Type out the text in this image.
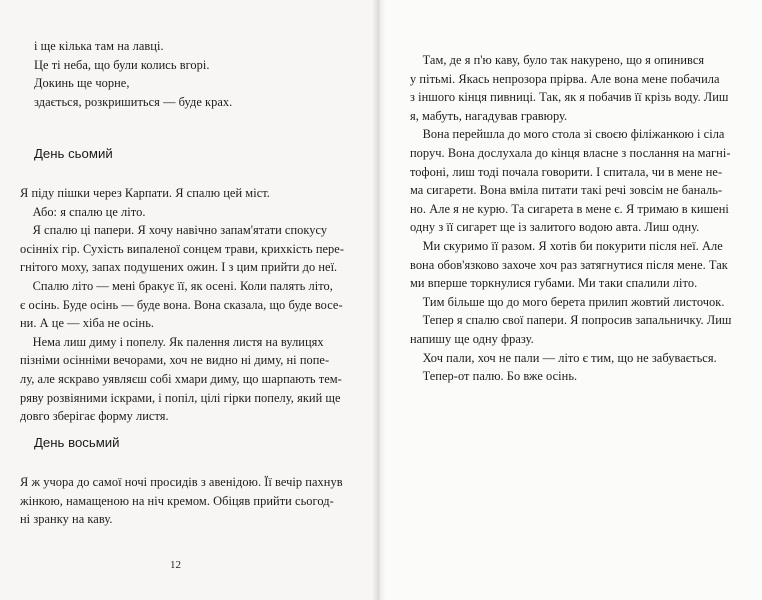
і ще кілька там на лавці.
Це ті неба, що були колись вгорі.
Докинь ще чорне,
здається, розкришиться — буде крах.
День сьомий
Я піду пішки через Карпати. Я спалю цей міст.
Або: я спалю це літо.
Я спалю ці папери. Я хочу навічно запам'ятати спокусу
осінніх гір. Сухість випаленої сонцем трави, крихкість пере-
гнітого моху, запах подушених ожин. І з цим прийти до неї.
Спалю літо — мені бракує її, як осені. Коли палять літо,
є осінь. Буде осінь — буде вона. Вона сказала, що буде восе-
ни. А це — хіба не осінь.
Нема лиш диму і попелу. Як палення листя на вулицях
пізніми осінніми вечорами, хоч не видно ні диму, ні попе-
лу, але яскраво уявляєш собі хмари диму, що шарпають тем-
ряву розвіяними іскрами, і попіл, цілі гірки попелу, який ще
довго зберігає форму листя.
День восьмий
Я ж учора до самої ночі просидів з авенідою. Її вечір пахнув
жінкою, намащеною на ніч кремом. Обіцяв прийти сьогод-
ні зранку на каву.
12
Там, де я п'ю каву, було так накурено, що я опинився
у пітьмі. Якась непрозора прірва. Але вона мене побачила
з іншого кінця пивниці. Так, як я побачив її крізь воду. Лиш
я, мабуть, нагадував гравюру.
Вона перейшла до мого стола зі своєю філіжанкою і сіла
поруч. Вона дослухала до кінця власне з послання на магні-
тофоні, лиш тоді почала говорити. І спитала, чи в мене не-
ма сигарети. Вона вміла питати такі речі зовсім не баналь-
но. Але я не курю. Та сигарета в мене є. Я тримаю в кишені
одну з її сигарет ще із залитого водою авта. Лиш одну.
Ми скуримо її разом. Я хотів би покурити після неї. Але
вона обов'язково захоче хоч раз затягнутися після мене. Так
ми вперше торкнулися губами. Ми таки спалили літо.
Тим більше що до мого берета прилип жовтий листочок.
Тепер я спалю свої папери. Я попросив запальничку. Лиш
напишу ще одну фразу.
Хоч пали, хоч не пали — літо є тим, що не забувається.
Тепер-от палю. Бо вже осінь.
